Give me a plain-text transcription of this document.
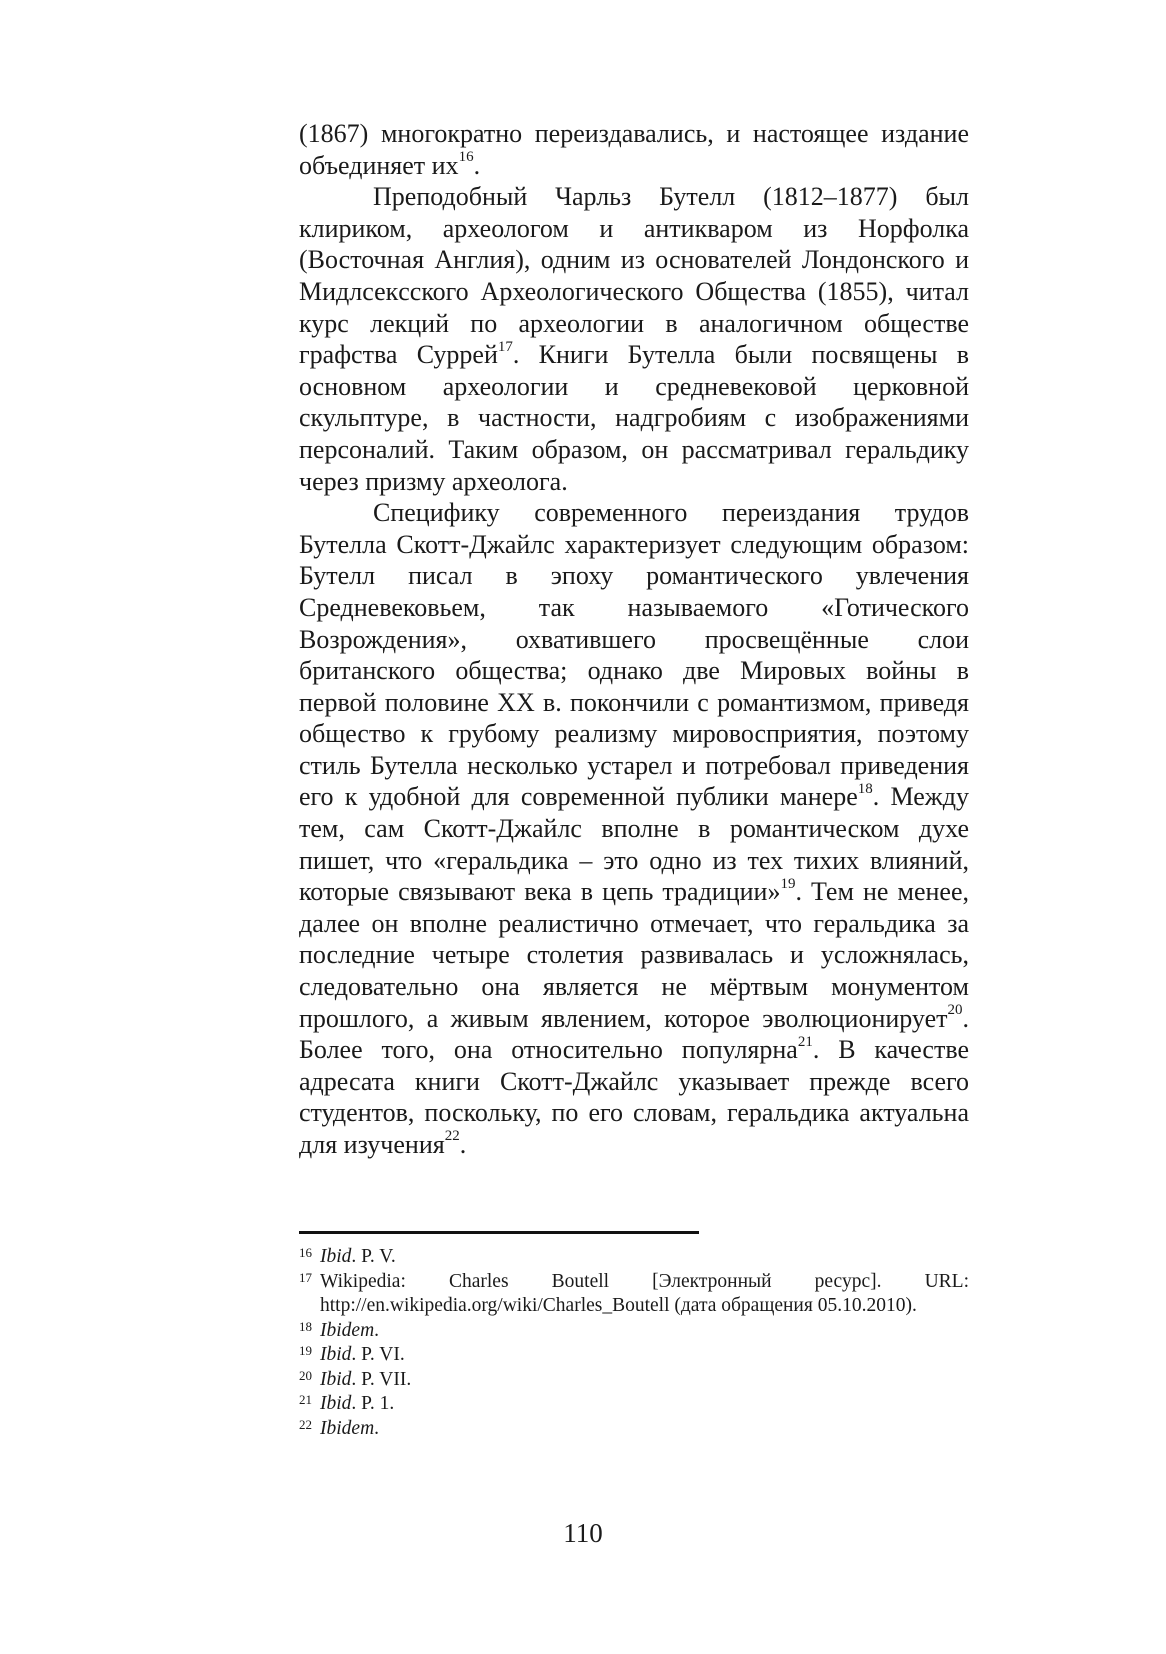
(1867) многократно переиздавались, и настоящее издание объединяет $их^{16}$.

Преподобный Чарльз Бутелл (1812–1877) был клириком, археологом и антикваром из Норфолка (Восточная Англия), одним из основателей Лондонского и Мидлсекcского Археологического Общества (1855), читал курс лекций по археологии в аналогичном обществе графства Суррей$^{17}$. Книги Бутелла были посвящены в основном археологии и средневековой церковной скульптуре, в частности, надгробиям с изображениями персоналий. Таким образом, он рассматривал геральдику через призму археолога.

Специфику современного переиздания трудов Бутелла Скотт-Джайлс характеризует следующим образом: Бутелл писал в эпоху романтического увлечения Средневековьем, так называемого «Готического Возрождения», охватившего просвещённые слои британского общества; однако две Мировых войны в первой половине XX в. покончили с романтизмом, приведя общество к грубому реализму мировосприятия, поэтому стиль Бутелла несколько устарел и потребовал приведения его к удобной для современной публики манере$^{18}$. Между тем, сам Скотт-Джайлс вполне в романтическом духе пишет, что «геральдика – это одно из тех тихих влияний, которые связывают века в цепь традиции»$^{19}$. Тем не менее, далее он вполне реалистично отмечает, что геральдика за последние четыре столетия развивалась и усложнялась, следовательно она является не мёртвым монументом прошлого, а живым явлением, которое эволюционирует$^{20}$. Более того, она относительно популярна$^{21}$. В качестве адресата книги Скотт-Джайлс указывает прежде всего студентов, поскольку, по его словам, геральдика актуальна для изучения$^{22}$.

16 Ibid. P. V.
17 Wikipedia: Charles Boutell [Электронный ресурс]. URL: http://en.wikipedia.org/wiki/Charles_Boutell (дата обращения 05.10.2010).
18 Ibidem.
19 Ibid. P. VI.
20 Ibid. P. VII.
21 Ibid. P. 1.
22 Ibidem.
110
